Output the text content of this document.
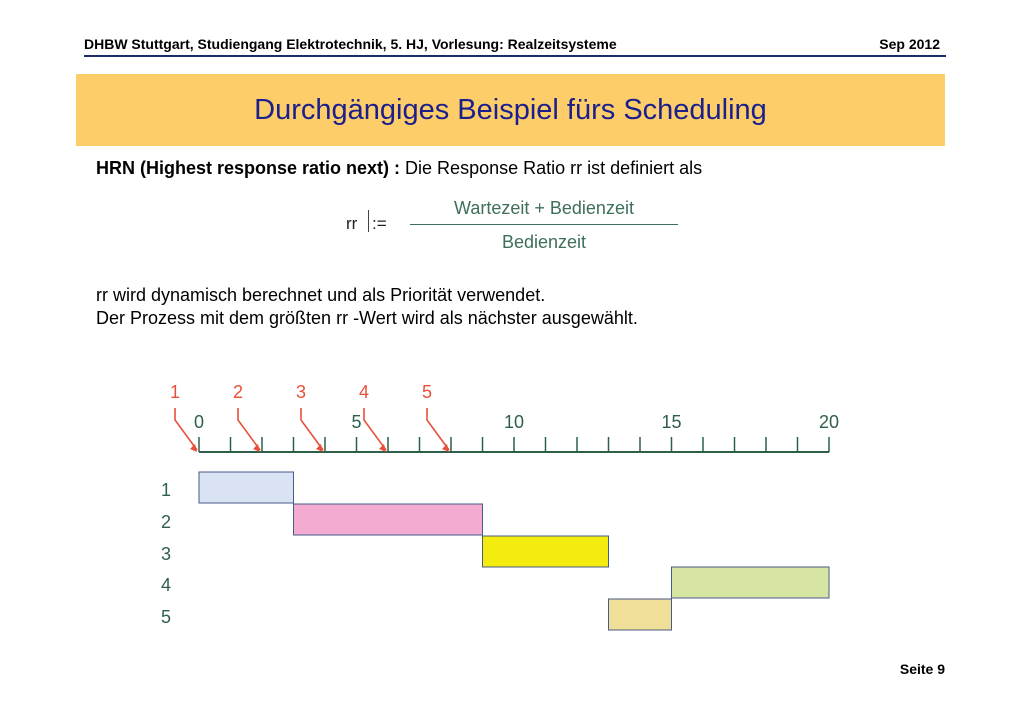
DHBW Stuttgart, Studiengang Elektrotechnik, 5. HJ, Vorlesung: Realzeitsysteme	Sep 2012
Durchgängiges Beispiel fürs Scheduling
HRN (Highest response ratio next) : Die Response Ratio rr ist definiert als
rr :=
Wartezeit + Bedienzeit
Bedienzeit
rr wird dynamisch berechnet und als Priorität verwendet.
Der Prozess mit dem größten rr -Wert wird als nächster ausgewählt.
0	5	10	15	20
1	2	3	4	5
1
2
3
4
5
Seite 9
